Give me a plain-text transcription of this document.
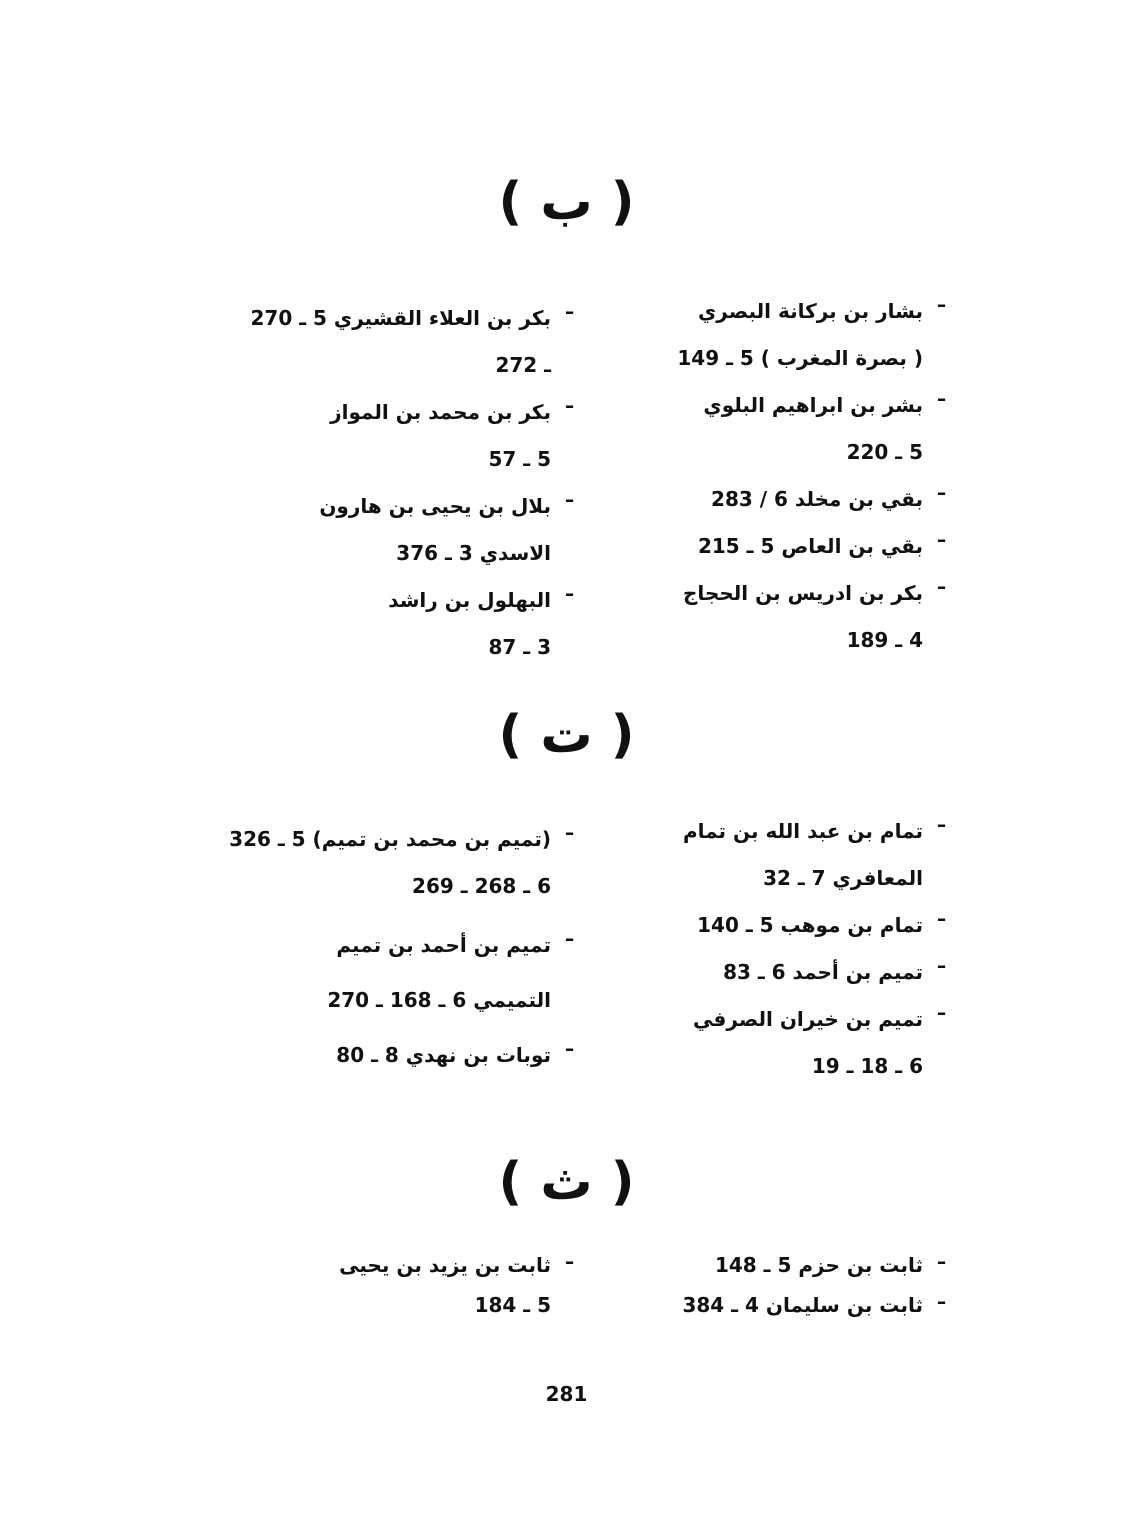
( ب )
ـ
بشار بن بركانة البصري
( بصرة المغرب ) 5 ـ 149
ـ
بشر بن ابراهيم البلوي
5 ـ 220
ـ
بقي بن مخلد 6 / 283
ـ
بقي بن العاص 5 ـ 215
ـ
بكر بن ادريس بن الحجاج
4 ـ 189
ـ
بكر بن العلاء القشيري 5 ـ 270
ـ 272
ـ
بكر بن محمد بن المواز
5 ـ 57
ـ
بلال بن يحيى بن هارون
الاسدي 3 ـ 376
ـ
البهلول بن راشد
3 ـ 87
( ت )
ـ
تمام بن عبد الله بن تمام
المعافري 7 ـ 32
ـ
تمام بن موهب 5 ـ 140
ـ
تميم بن أحمد 6 ـ 83
ـ
تميم بن خيران الصرفي
6 ـ 18 ـ 19
ـ
(تميم بن محمد بن تميم) 5 ـ 326
6 ـ 268 ـ 269
ـ
تميم بن أحمد بن تميم
التميمي 6 ـ 168 ـ 270
ـ
توبات بن نهدي 8 ـ 80
( ث )
ـ
ثابت بن حزم 5 ـ 148
ـ
ثابت بن سليمان 4 ـ 384
ـ
ثابت بن يزيد بن يحيى
5 ـ 184
281
